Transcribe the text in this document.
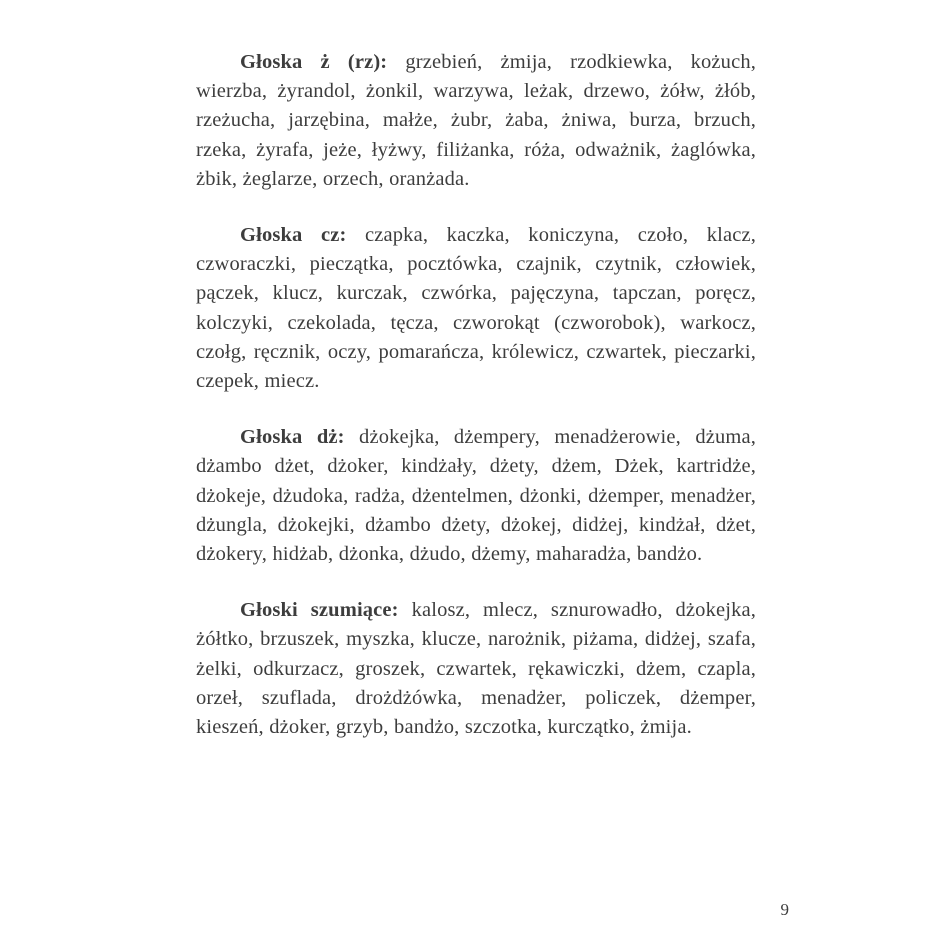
Głoska ż (rz): grzebień, żmija, rzodkiewka, kożuch, wierzba, żyrandol, żonkil, warzywa, leżak, drzewo, żółw, żłób, rzeżucha, jarzębina, małże, żubr, żaba, żniwa, burza, brzuch, rzeka, żyrafa, jeże, łyżwy, filiżanka, róża, odważnik, żaglówka, żbik, żeglarze, orzech, oranżada.

Głoska cz: czapka, kaczka, koniczyna, czoło, klacz, czworaczki, pieczątka, pocztówka, czajnik, czytnik, człowiek, pączek, klucz, kurczak, czwórka, pajęczyna, tapczan, poręcz, kolczyki, czekolada, tęcza, czworokąt (czworobok), warkocz, czołg, ręcznik, oczy, pomarańcza, królewicz, czwartek, pieczarki, czepek, miecz.

Głoska dż: dżokejka, dżempery, menadżerowie, dżuma, dżambo dżet, dżoker, kindżały, dżety, dżem, Dżek, kartridże, dżokeje, dżudoka, radża, dżentelmen, dżonki, dżemper, menadżer, dżungla, dżokejki, dżambo dżety, dżokej, didżej, kindżał, dżet, dżokery, hidżab, dżonka, dżudo, dżemy, maharadża, bandżo.

Głoski szumiące: kalosz, mlecz, sznurowadło, dżokejka, żółtko, brzuszek, myszka, klucze, narożnik, piżama, didżej, szafa, żelki, odkurzacz, groszek, czwartek, rękawiczki, dżem, czapla, orzeł, szuflada, drożdżówka, menadżer, policzek, dżemper, kieszeń, dżoker, grzyb, bandżo, szczotka, kurczątko, żmija.

9
